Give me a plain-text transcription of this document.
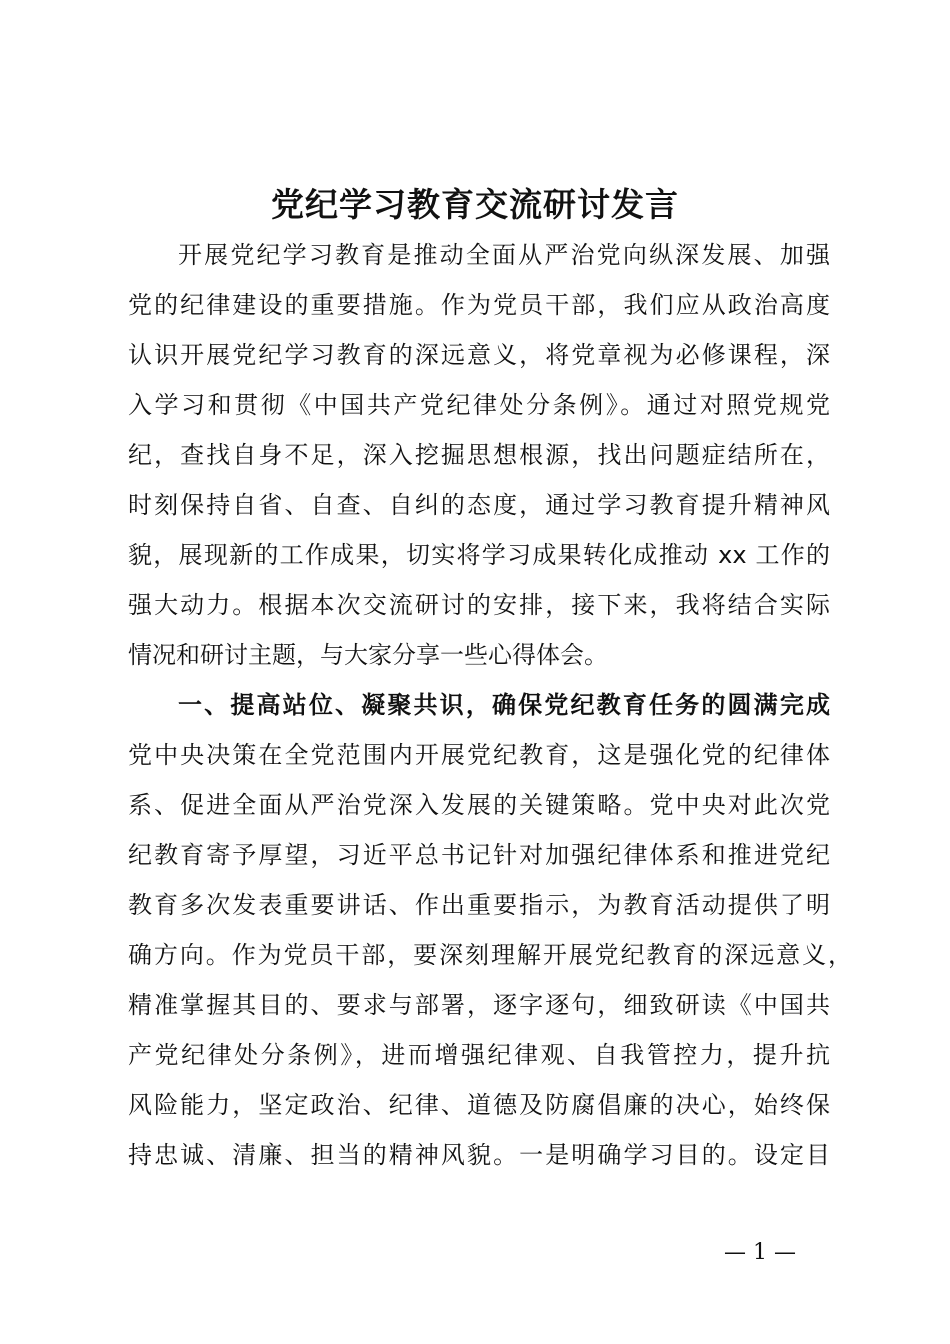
党纪学习教育交流研讨发言
开展党纪学习教育是推动全面从严治党向纵深发展、加强
党的纪律建设的重要措施。作为党员干部，我们应从政治高度
认识开展党纪学习教育的深远意义，将党章视为必修课程，深
入学习和贯彻《中国共产党纪律处分条例》。通过对照党规党
纪，查找自身不足，深入挖掘思想根源，找出问题症结所在，
时刻保持自省、自查、自纠的态度，通过学习教育提升精神风
貌，展现新的工作成果，切实将学习成果转化成推动 xx 工作的
强大动力。根据本次交流研讨的安排，接下来，我将结合实际
情况和研讨主题，与大家分享一些心得体会。
一、提高站位、凝聚共识，确保党纪教育任务的圆满完成
党中央决策在全党范围内开展党纪教育，这是强化党的纪律体
系、促进全面从严治党深入发展的关键策略。党中央对此次党
纪教育寄予厚望，习近平总书记针对加强纪律体系和推进党纪
教育多次发表重要讲话、作出重要指示，为教育活动提供了明
确方向。作为党员干部，要深刻理解开展党纪教育的深远意义，
精准掌握其目的、要求与部署，逐字逐句，细致研读《中国共
产党纪律处分条例》，进而增强纪律观、自我管控力，提升抗
风险能力，坚定政治、纪律、道德及防腐倡廉的决心，始终保
持忠诚、清廉、担当的精神风貌。一是明确学习目的。设定目
— 1 —
